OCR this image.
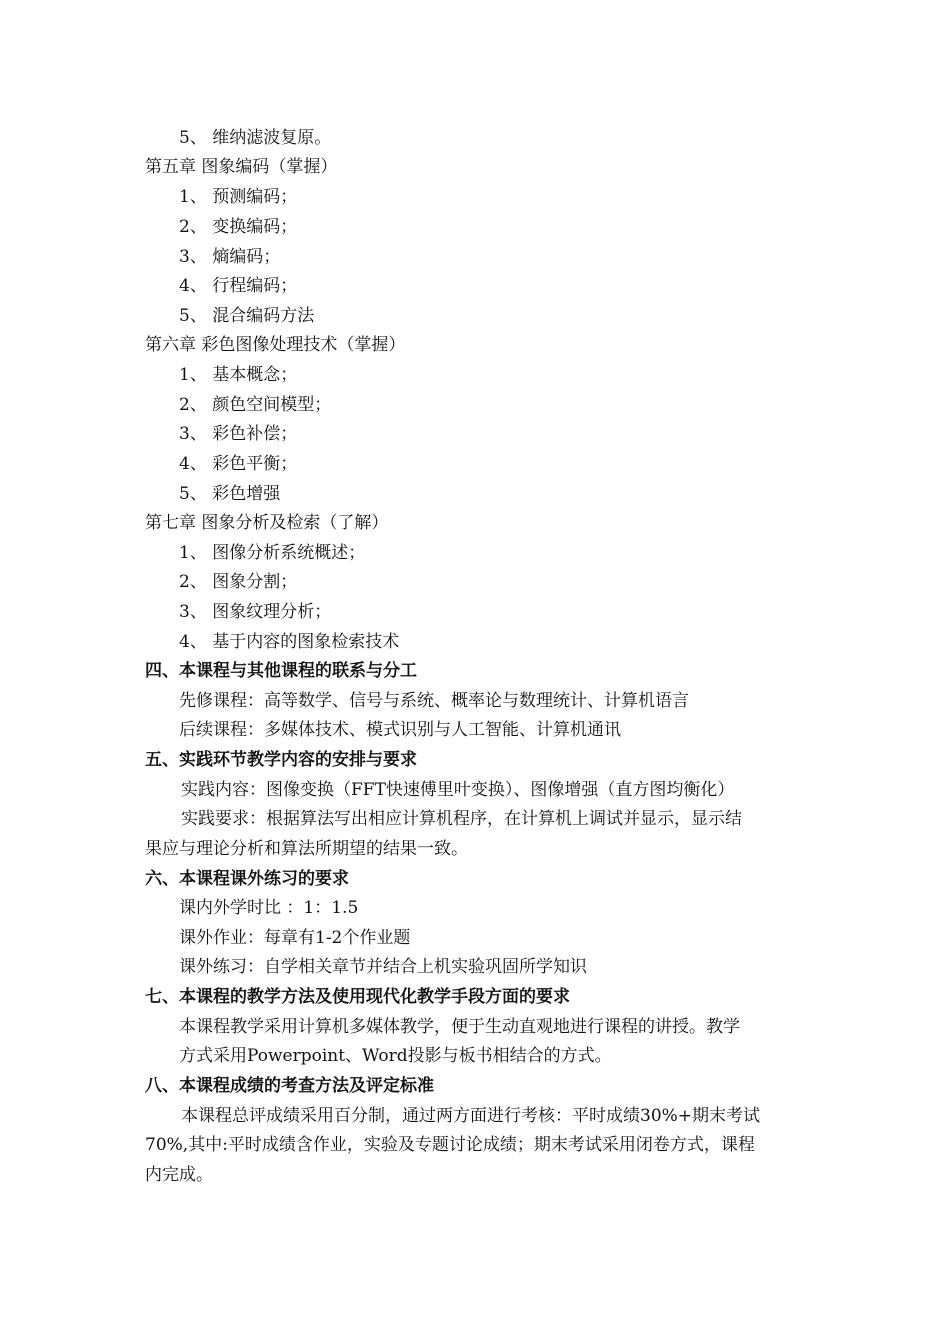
5、 维纳滤波复原。
第五章 图象编码（掌握）
1、 预测编码；
2、 变换编码；
3、 熵编码；
4、 行程编码；
5、 混合编码方法
第六章 彩色图像处理技术（掌握）
1、 基本概念；
2、 颜色空间模型；
3、 彩色补偿；
4、 彩色平衡；
5、 彩色增强
第七章 图象分析及检索（了解）
1、 图像分析系统概述；
2、 图象分割；
3、 图象纹理分析；
4、 基于内容的图象检索技术
四、本课程与其他课程的联系与分工
先修课程：高等数学、信号与系统、概率论与数理统计、计算机语言
后续课程：多媒体技术、模式识别与人工智能、计算机通讯
五、实践环节教学内容的安排与要求
实践内容：图像变换（FFT快速傅里叶变换）、图像增强（直方图均衡化）
实践要求：根据算法写出相应计算机程序，在计算机上调试并显示，显示结
果应与理论分析和算法所期望的结果一致。
六、本课程课外练习的要求
课内外学时比 ：1：1.5
课外作业：每章有1-2个作业题
课外练习：自学相关章节并结合上机实验巩固所学知识
七、本课程的教学方法及使用现代化教学手段方面的要求
本课程教学采用计算机多媒体教学，便于生动直观地进行课程的讲授。教学
方式采用Powerpoint、Word投影与板书相结合的方式。
八、本课程成绩的考查方法及评定标准
本课程总评成绩采用百分制，通过两方面进行考核：平时成绩30%+期末考试
70%,其中:平时成绩含作业，实验及专题讨论成绩；期末考试采用闭卷方式，课程
内完成。
